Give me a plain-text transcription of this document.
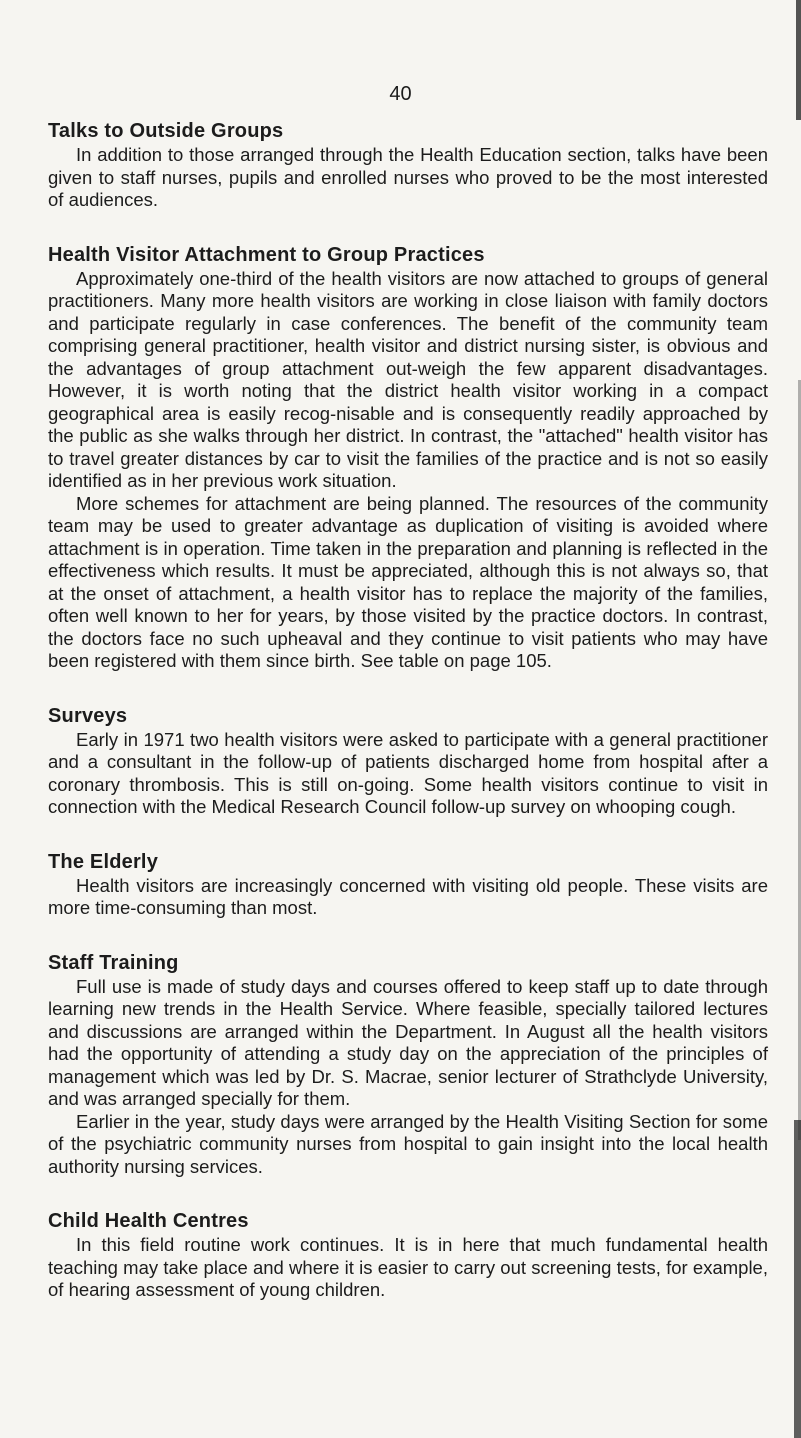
40
Talks to Outside Groups

In addition to those arranged through the Health Education section, talks have been given to staff nurses, pupils and enrolled nurses who proved to be the most interested of audiences.

Health Visitor Attachment to Group Practices

Approximately one-third of the health visitors are now attached to groups of general practitioners. Many more health visitors are working in close liaison with family doctors and participate regularly in case conferences. The benefit of the community team comprising general practitioner, health visitor and district nursing sister, is obvious and the advantages of group attachment out-weigh the few apparent disadvantages. However, it is worth noting that the district health visitor working in a compact geographical area is easily recog-nisable and is consequently readily approached by the public as she walks through her district. In contrast, the "attached" health visitor has to travel greater distances by car to visit the families of the practice and is not so easily identified as in her previous work situation.

More schemes for attachment are being planned. The resources of the community team may be used to greater advantage as duplication of visiting is avoided where attachment is in operation. Time taken in the preparation and planning is reflected in the effectiveness which results. It must be appreciated, although this is not always so, that at the onset of attachment, a health visitor has to replace the majority of the families, often well known to her for years, by those visited by the practice doctors. In contrast, the doctors face no such upheaval and they continue to visit patients who may have been registered with them since birth. See table on page 105.

Surveys

Early in 1971 two health visitors were asked to participate with a general practitioner and a consultant in the follow-up of patients discharged home from hospital after a coronary thrombosis. This is still on-going. Some health visitors continue to visit in connection with the Medical Research Council follow-up survey on whooping cough.

The Elderly

Health visitors are increasingly concerned with visiting old people. These visits are more time-consuming than most.

Staff Training

Full use is made of study days and courses offered to keep staff up to date through learning new trends in the Health Service. Where feasible, specially tailored lectures and discussions are arranged within the Department. In August all the health visitors had the opportunity of attending a study day on the appreciation of the principles of management which was led by Dr. S. Macrae, senior lecturer of Strathclyde University, and was arranged specially for them.

Earlier in the year, study days were arranged by the Health Visiting Section for some of the psychiatric community nurses from hospital to gain insight into the local health authority nursing services.

Child Health Centres

In this field routine work continues. It is in here that much fundamental health teaching may take place and where it is easier to carry out screening tests, for example, of hearing assessment of young children.
